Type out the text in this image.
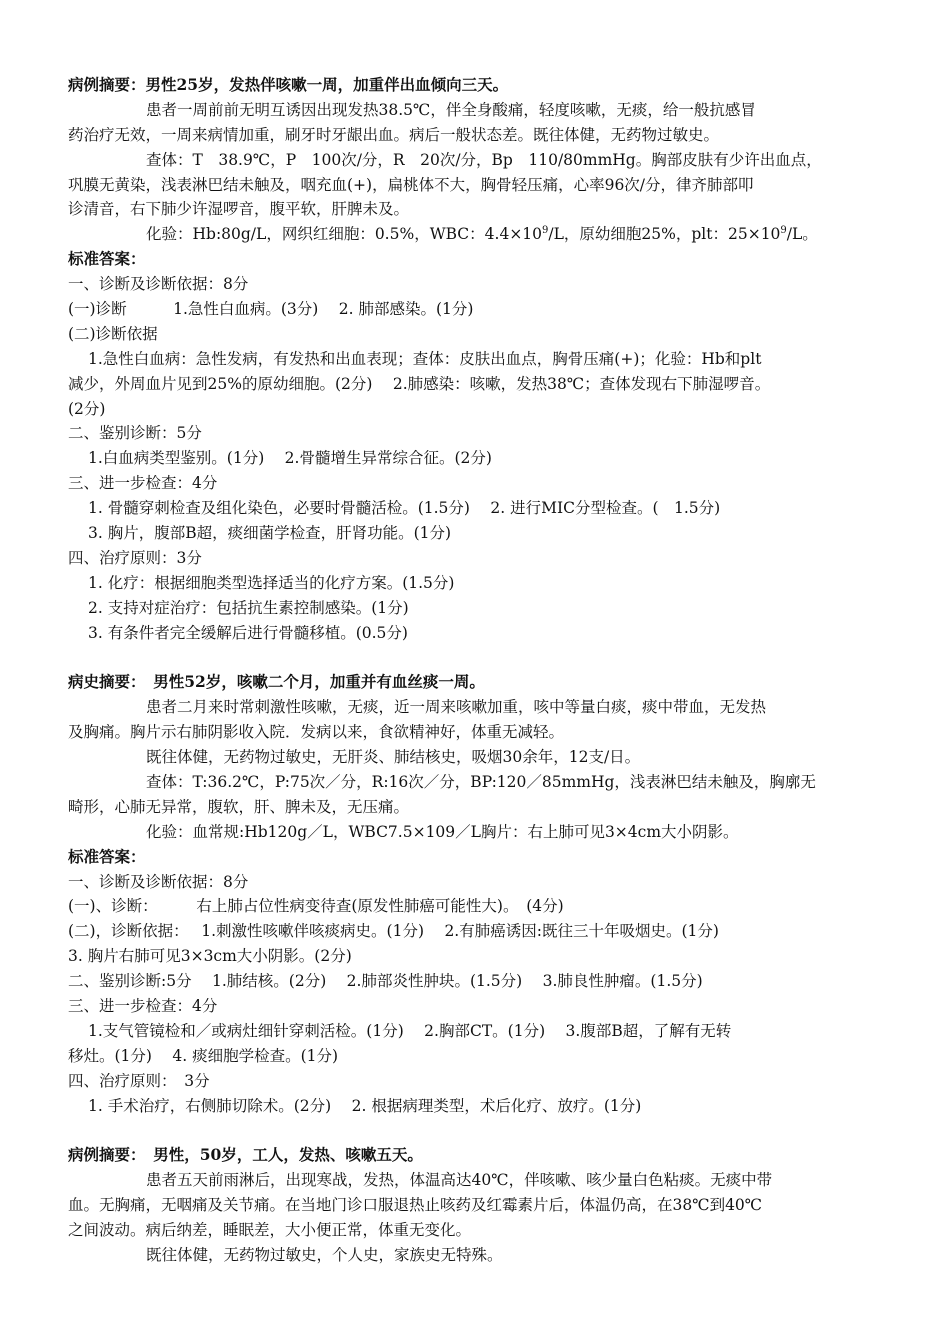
病例摘要：男性25岁，发热伴咳嗽一周，加重伴出血倾向三天。
患者一周前前无明互诱因出现发热38.5℃，伴全身酸痛，轻度咳嗽，无痰，给一般抗感冒
药治疗无效，一周来病情加重，刷牙时牙龈出血。病后一般状态差。既往体健，无药物过敏史。
查体：T　38.9℃，P　100次/分，R　20次/分，Bp　110/80mmHg。胸部皮肤有少许出血点，
巩膜无黄染，浅表淋巴结未触及，咽充血(+)，扁桃体不大，胸骨轻压痛，心率96次/分，律齐肺部叩
诊清音，右下肺少许湿啰音，腹平软，肝脾未及。
化验：Hb:80g/L，网织红细胞：0.5%，WBC：$4.4\times 10^9/L$，原幼细胞25%，plt：$25\times 10^9/L$。
标准答案：
一、诊断及诊断依据：8分
(一)诊断　　　1.急性白血病。(3分)　 2. 肺部感染。(1分)
(二)诊断依据
1.急性白血病：急性发病，有发热和出血表现；查体：皮肤出血点，胸骨压痛(+)；化验：Hb和plt
减少，外周血片见到25%的原幼细胞。(2分)　 2.肺感染：咳嗽，发热38℃；查体发现右下肺湿啰音。
(2分)
二、鉴别诊断：5分
1.白血病类型鉴别。(1分)　 2.骨髓增生异常综合征。(2分)
三、进一步检查：4分
1. 骨髓穿刺检查及组化染色，必要时骨髓活检。(1.5分)　 2. 进行MIC分型检查。(　1.5分)
3. 胸片，腹部B超，痰细菌学检查，肝肾功能。(1分)
四、治疗原则：3分
1. 化疗：根据细胞类型选择适当的化疗方案。(1.5分)
2. 支持对症治疗：包括抗生素控制感染。(1分)
3. 有条件者完全缓解后进行骨髓移植。(0.5分)
病史摘要：　男性52岁，咳嗽二个月，加重并有血丝痰一周。
患者二月来时常刺激性咳嗽，无痰，近一周来咳嗽加重，咳中等量白痰，痰中带血，无发热
及胸痛。胸片示右肺阴影收入院．发病以来，食欲精神好，体重无减轻。
既往体健，无药物过敏史，无肝炎、肺结核史，吸烟30余年，12支/日。
查体：T:36.2℃，P:75次／分，R:16次／分，BP:120／85mmHg，浅表淋巴结未触及，胸廓无
畸形，心肺无异常，腹软，肝、脾未及，无压痛。
化验：血常规:Hb120g／L，WBC7.5×109／L胸片：右上肺可见3×4cm大小阴影。
标准答案：
一、诊断及诊断依据：8分
(一)、诊断：　　　右上肺占位性病变待查(原发性肺癌可能性大)。　(4分)
(二)，诊断依据：　 1.刺激性咳嗽伴咳痰病史。(1分)　 2.有肺癌诱因:既往三十年吸烟史。(1分)
3. 胸片右肺可见3×3cm大小阴影。(2分)
二、鉴别诊断:5分　 1.肺结核。(2分)　 2.肺部炎性肿块。(1.5分)　 3.肺良性肿瘤。(1.5分)
三、进一步检查：4分
1.支气管镜检和／或病灶细针穿刺活检。(1分)　 2.胸部CT。(1分)　 3.腹部B超，了解有无转
移灶。(1分)　 4. 痰细胞学检查。(1分)
四、治疗原则：　3分
1. 手术治疗，右侧肺切除术。(2分)　 2. 根据病理类型，术后化疗、放疗。(1分)
病例摘要：　男性，50岁，工人，发热、咳嗽五天。
患者五天前雨淋后，出现寒战，发热，体温高达40℃，伴咳嗽、咳少量白色粘痰。无痰中带
血。无胸痛，无咽痛及关节痛。在当地门诊口服退热止咳药及红霉素片后，体温仍高，在38℃到40℃
之间波动。病后纳差，睡眠差，大小便正常，体重无变化。
既往体健，无药物过敏史，个人史，家族史无特殊。
